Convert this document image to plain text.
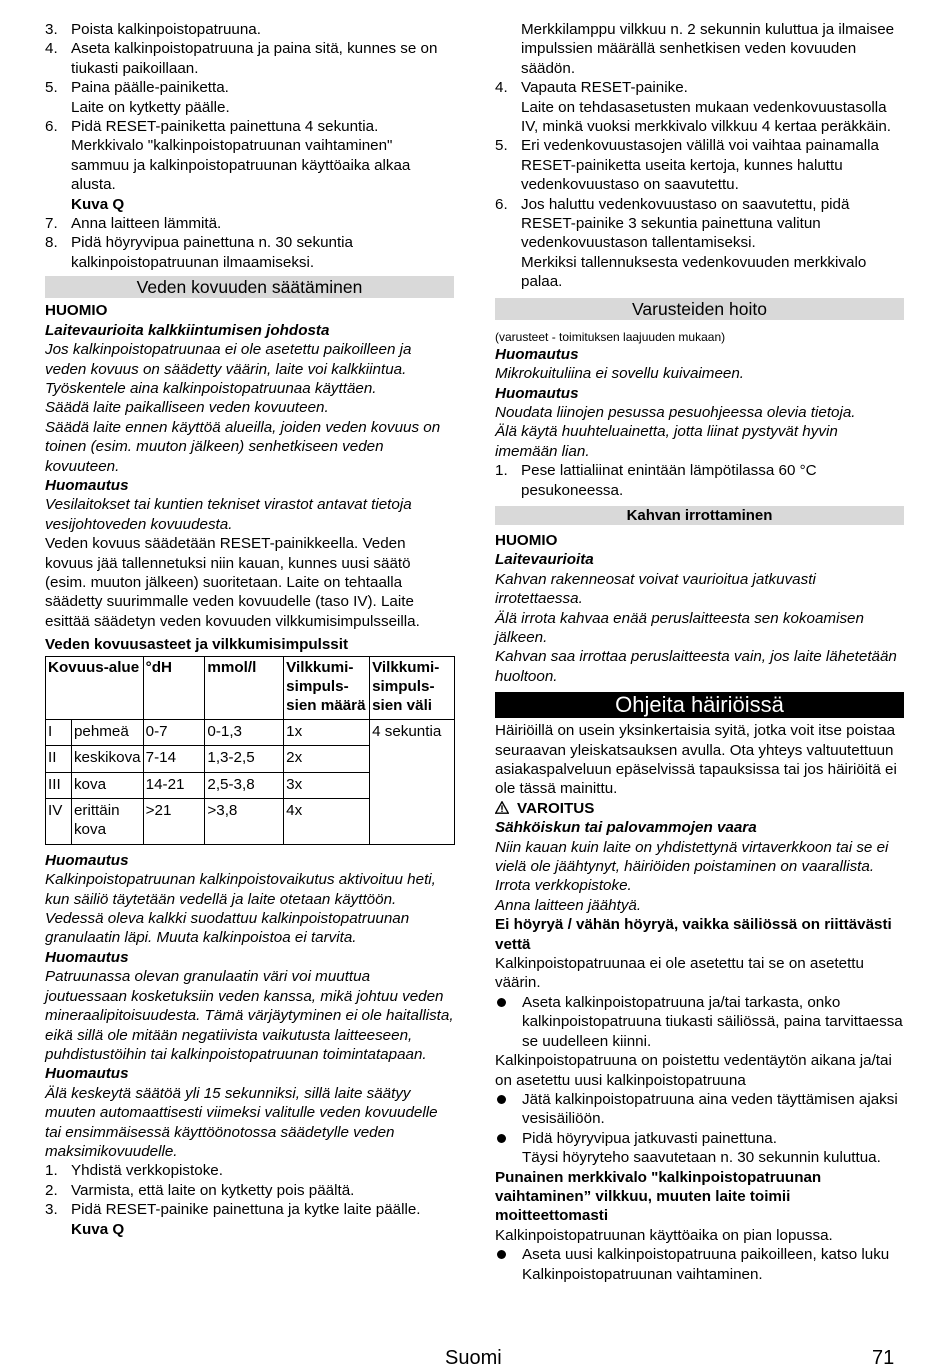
3. Poista kalkinpoistopatruuna.
4. Aseta kalkinpoistopatruuna ja paina sitä, kunnes se on tiukasti paikoillaan.
5. Paina päälle-painiketta.
Laite on kytketty päälle.
6. Pidä RESET-painiketta painettuna 4 sekuntia.
Merkkivalo "kalkinpoistopatruunan vaihtaminen" sammuu ja kalkinpoistopatruunan käyttöaika alkaa alusta.
Kuva Q
7. Anna laitteen lämmitä.
8. Pidä höyryvipua painettuna n. 30 sekuntia kalkinpoistopatruunan ilmaamiseksi.
Veden kovuuden säätäminen

HUOMIO

Laitevaurioita kalkkiintumisen johdosta

Jos kalkinpoistopatruunaa ei ole asetettu paikoilleen ja veden kovuus on säädetty väärin, laite voi kalkkiintua.

Työskentele aina kalkinpoistopatruunaa käyttäen.

Säädä laite paikalliseen veden kovuuteen.

Säädä laite ennen käyttöä alueilla, joiden veden kovuus on toinen (esim. muuton jälkeen) senhetkiseen veden kovuuteen.

Huomautus

Vesilaitokset tai kuntien tekniset virastot antavat tietoja vesijohtoveden kovuudesta.

Veden kovuus säädetään RESET-painikkeella. Veden kovuus jää tallennetuksi niin kauan, kunnes uusi säätö (esim. muuton jälkeen) suoritetaan. Laite on tehtaalla säädetty suurimmalle veden kovuudelle (taso IV). Laite esittää säädetyn veden kovuuden vilkkumisimpulsseilla.

Veden kovuusasteet ja vilkkumisimpulssit

Kovuus-alue		°dH	mmol/l	Vilkkumi-simpuls-sien määrä	Vilkkumi-simpuls-sien väli
I	pehmeä	0-7	0-1,3	1x	4 sekuntia
II	keskikova	7-14	1,3-2,5	2x	
III	kova	14-21	2,5-3,8	3x	
IV	erittäin kova	>21	>3,8	4x	

Huomautus

Kalkinpoistopatruunan kalkinpoistovaikutus aktivoituu heti, kun säiliö täytetään vedellä ja laite otetaan käyttöön. Vedessä oleva kalkki suodattuu kalkinpoistopatruunan granulaatin läpi. Muuta kalkinpoistoa ei tarvita.

Huomautus

Patruunassa olevan granulaatin väri voi muuttua joutuessaan kosketuksiin veden kanssa, mikä johtuu veden mineraalipitoisuudesta. Tämä värjäytyminen ei ole haitallista, eikä sillä ole mitään negatiivista vaikutusta laitteeseen, puhdistustöihin tai kalkinpoistopatruunan toimintatapaan.

Huomautus

Älä keskeytä säätöä yli 15 sekunniksi, sillä laite säätyy muuten automaattisesti viimeksi valitulle veden kovuudelle tai ensimmäisessä käyttöönotossa säädetylle veden maksimikovuudelle.

1. Yhdistä verkkopistoke.
2. Varmista, että laite on kytketty pois päältä.
3. Pidä RESET-painike painettuna ja kytke laite päälle.
Kuva Q

Merkkilamppu vilkkuu n. 2 sekunnin kuluttua ja ilmaisee impulssien määrällä senhetkisen veden kovuuden säädön.

4. Vapauta RESET-painike.
Laite on tehdasasetusten mukaan vedenkovuustasolla IV, minkä vuoksi merkkivalo vilkkuu 4 kertaa peräkkäin.
5. Eri vedenkovuustasojen välillä voi vaihtaa painamalla RESET-painiketta useita kertoja, kunnes haluttu vedenkovuustaso on saavutettu.
6. Jos haluttu vedenkovuustaso on saavutettu, pidä RESET-painike 3 sekuntia painettuna valitun vedenkovuustason tallentamiseksi.
Merkiksi tallennuksesta vedenkovuuden merkkivalo palaa.
Varusteiden hoito

(varusteet - toimituksen laajuuden mukaan)

Huomautus

Mikrokuituliina ei sovellu kuivaimeen.

Huomautus

Noudata liinojen pesussa pesuohjeessa olevia tietoja.

Älä käytä huuhteluainetta, jotta liinat pystyvät hyvin imemään lian.

1. Pese lattialiinat enintään lämpötilassa 60 °C pesukoneessa.
Kahvan irrottaminen

HUOMIO

Laitevaurioita

Kahvan rakenneosat voivat vaurioitua jatkuvasti irrotettaessa.

Älä irrota kahvaa enää peruslaitteesta sen kokoamisen jälkeen.

Kahvan saa irrottaa peruslaitteesta vain, jos laite lähetetään huoltoon.

Ohjeita häiriöissä

Häiriöillä on usein yksinkertaisia syitä, jotka voit itse poistaa seuraavan yleiskatsauksen avulla. Ota yhteys valtuutettuun asiakaspalveluun epäselvissä tapauksissa tai jos häiriöitä ei ole tässä mainittu.

VAROITUS

Sähköiskun tai palovammojen vaara

Niin kauan kuin laite on yhdistettynä virtaverkkoon tai se ei vielä ole jäähtynyt, häiriöiden poistaminen on vaarallista.

Irrota verkkopistoke.

Anna laitteen jäähtyä.

Ei höyryä / vähän höyryä, vaikka säiliössä on riittävästi vettä

Kalkinpoistopatruunaa ei ole asetettu tai se on asetettu väärin.

Aseta kalkinpoistopatruuna ja/tai tarkasta, onko kalkinpoistopatruuna tiukasti säiliössä, paina tarvittaessa se uudelleen kiinni.

Kalkinpoistopatruuna on poistettu vedentäytön aikana ja/tai on asetettu uusi kalkinpoistopatruuna

Jätä kalkinpoistopatruuna aina veden täyttämisen ajaksi vesisäiliöön.
Pidä höyryvipua jatkuvasti painettuna.
Täysi höyryteho saavutetaan n. 30 sekunnin kuluttua.

Punainen merkkivalo "kalkinpoistopatruunan vaihtaminen” vilkkuu, muuten laite toimii moitteettomasti

Kalkinpoistopatruunan käyttöaika on pian lopussa.

Aseta uusi kalkinpoistopatruuna paikoilleen, katso luku Kalkinpoistopatruunan vaihtaminen.
Suomi	71
